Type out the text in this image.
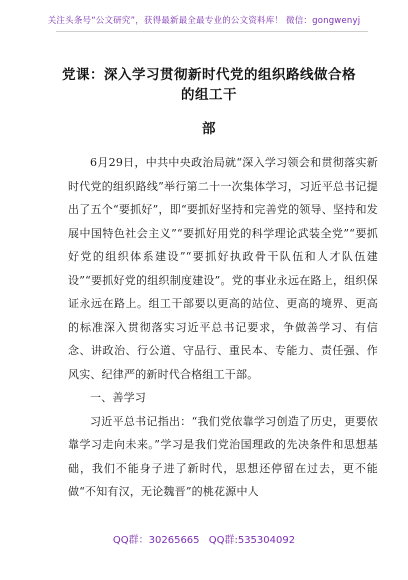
关注头条号“公文研究”，获得最新最全最专业的公文资料库！ 微信：gongwenyj
党课：深入学习贯彻新时代党的组织路线做合格的组工干
部

6月29日，中共中央政治局就“深入学习领会和贯彻落实新时代党的组织路线”举行第二十一次集体学习，习近平总书记提出了五个“要抓好”，即“要抓好坚持和完善党的领导、坚持和发展中国特色社会主义”“要抓好用党的科学理论武装全党”“要抓好党的组织体系建设”“要抓好执政骨干队伍和人才队伍建设”“要抓好党的组织制度建设”。党的事业永远在路上，组织保证永远在路上。组工干部要以更高的站位、更高的境界、更高的标准深入贯彻落实习近平总书记要求，争做善学习、有信念、讲政治、行公道、守品行、重民本、专能力、责任强、作风实、纪律严的新时代合格组工干部。

一、善学习

习近平总书记指出：“我们党依靠学习创造了历史，更要依靠学习走向未来。”学习是我们党治国理政的先决条件和思想基础，我们不能身子进了新时代，思想还停留在过去，更不能做“不知有汉，无论魏晋”的桃花源中人

QQ群：30265665 QQ群:535304092
